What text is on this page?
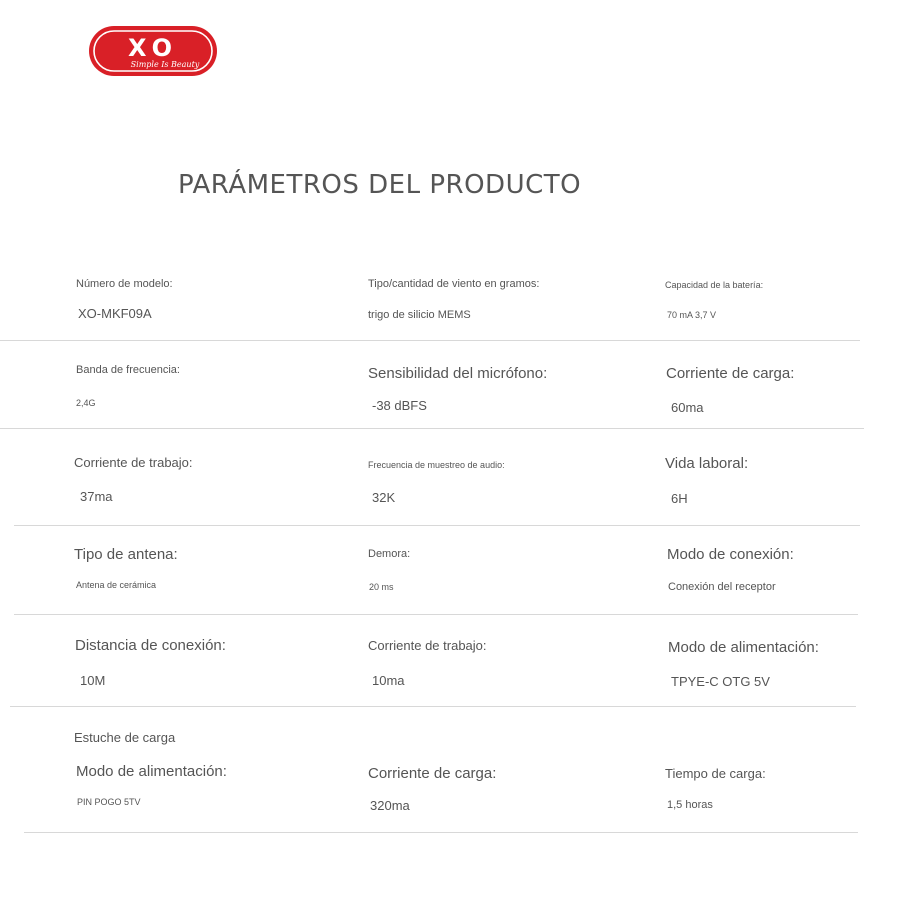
XO
Simple Is Beauty
PARÁMETROS DEL PRODUCTO
Número de modelo:
XO-MKF09A
Tipo/cantidad de viento en gramos:
trigo de silicio MEMS
Capacidad de la batería:
70 mA 3,7 V
Banda de frecuencia:
2,4G
Sensibilidad del micrófono:
-38 dBFS
Corriente de carga:
60ma
Corriente de trabajo:
37ma
Frecuencia de muestreo de audio:
32K
Vida laboral:
6H
Tipo de antena:
Antena de cerámica
Demora:
20 ms
Modo de conexión:
Conexión del receptor
Distancia de conexión:
10M
Corriente de trabajo:
10ma
Modo de alimentación:
TPYE-C OTG 5V
Estuche de carga
Modo de alimentación:
PIN POGO 5TV
Corriente de carga:
320ma
Tiempo de carga:
1,5 horas
